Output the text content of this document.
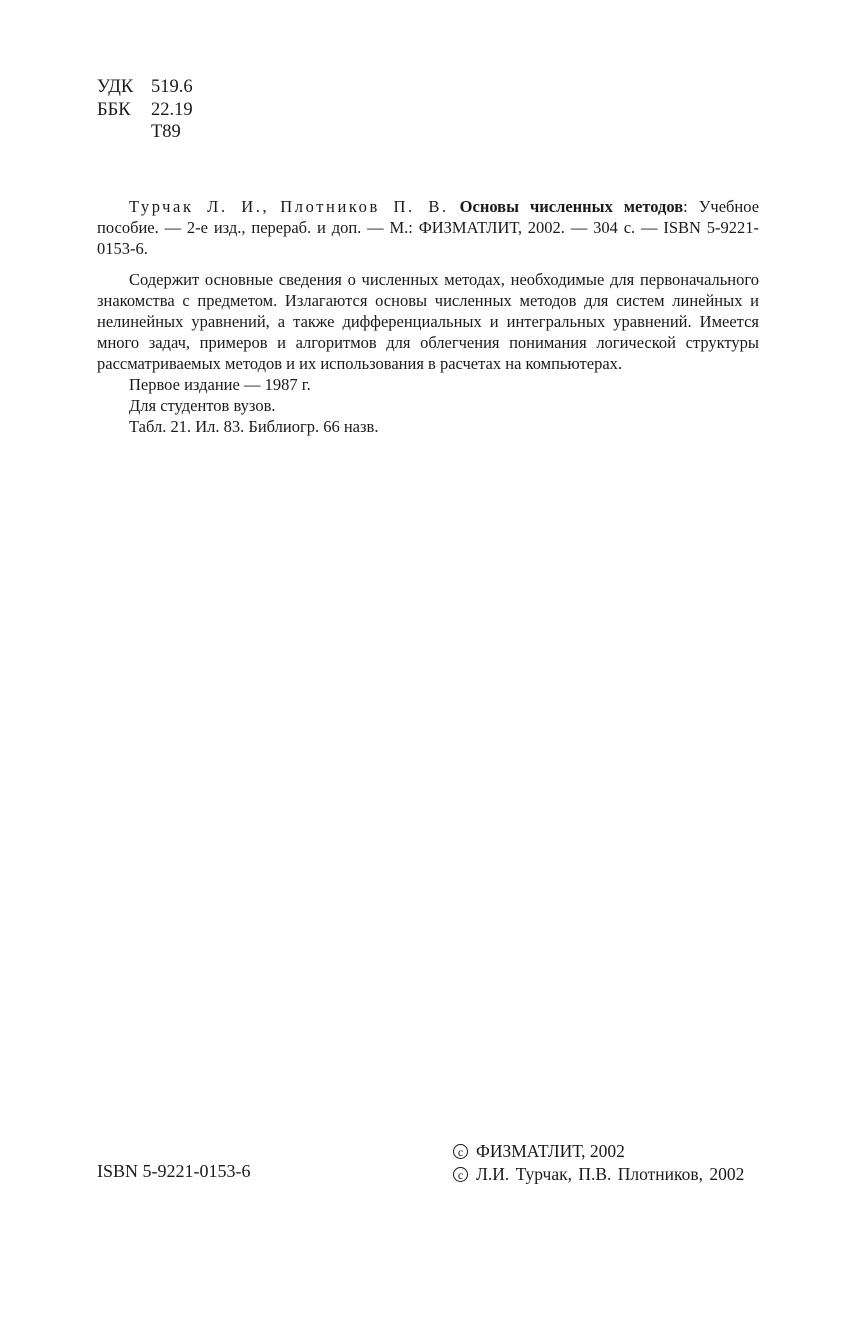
УДК 519.6
ББК	22.19
Т89

Турчак Л. И., Плотников П. В. Основы численных методов: Учебное пособие. — 2-е изд., перераб. и доп. — М.: ФИЗМАТЛИТ, 2002. — 304 с. — ISBN 5-9221-0153-6.

Содержит основные сведения о численных методах, необходимые для первоначального знакомства с предметом. Излагаются основы численных методов для систем линейных и нелинейных уравнений, а также дифференциальных и интегральных уравнений. Имеется много задач, примеров и алгоритмов для облегчения понимания логической структуры рассматриваемых методов и их использования в расчетах на компьютерах.

Первое издание — 1987 г.

Для студентов вузов.

Табл. 21. Ил. 83. Библиогр. 66 назв.

ISBN 5-9221-0153-6
c ФИЗМАТЛИТ, 2002
c Л.И. Турчак, П.В. Плотников, 2002
